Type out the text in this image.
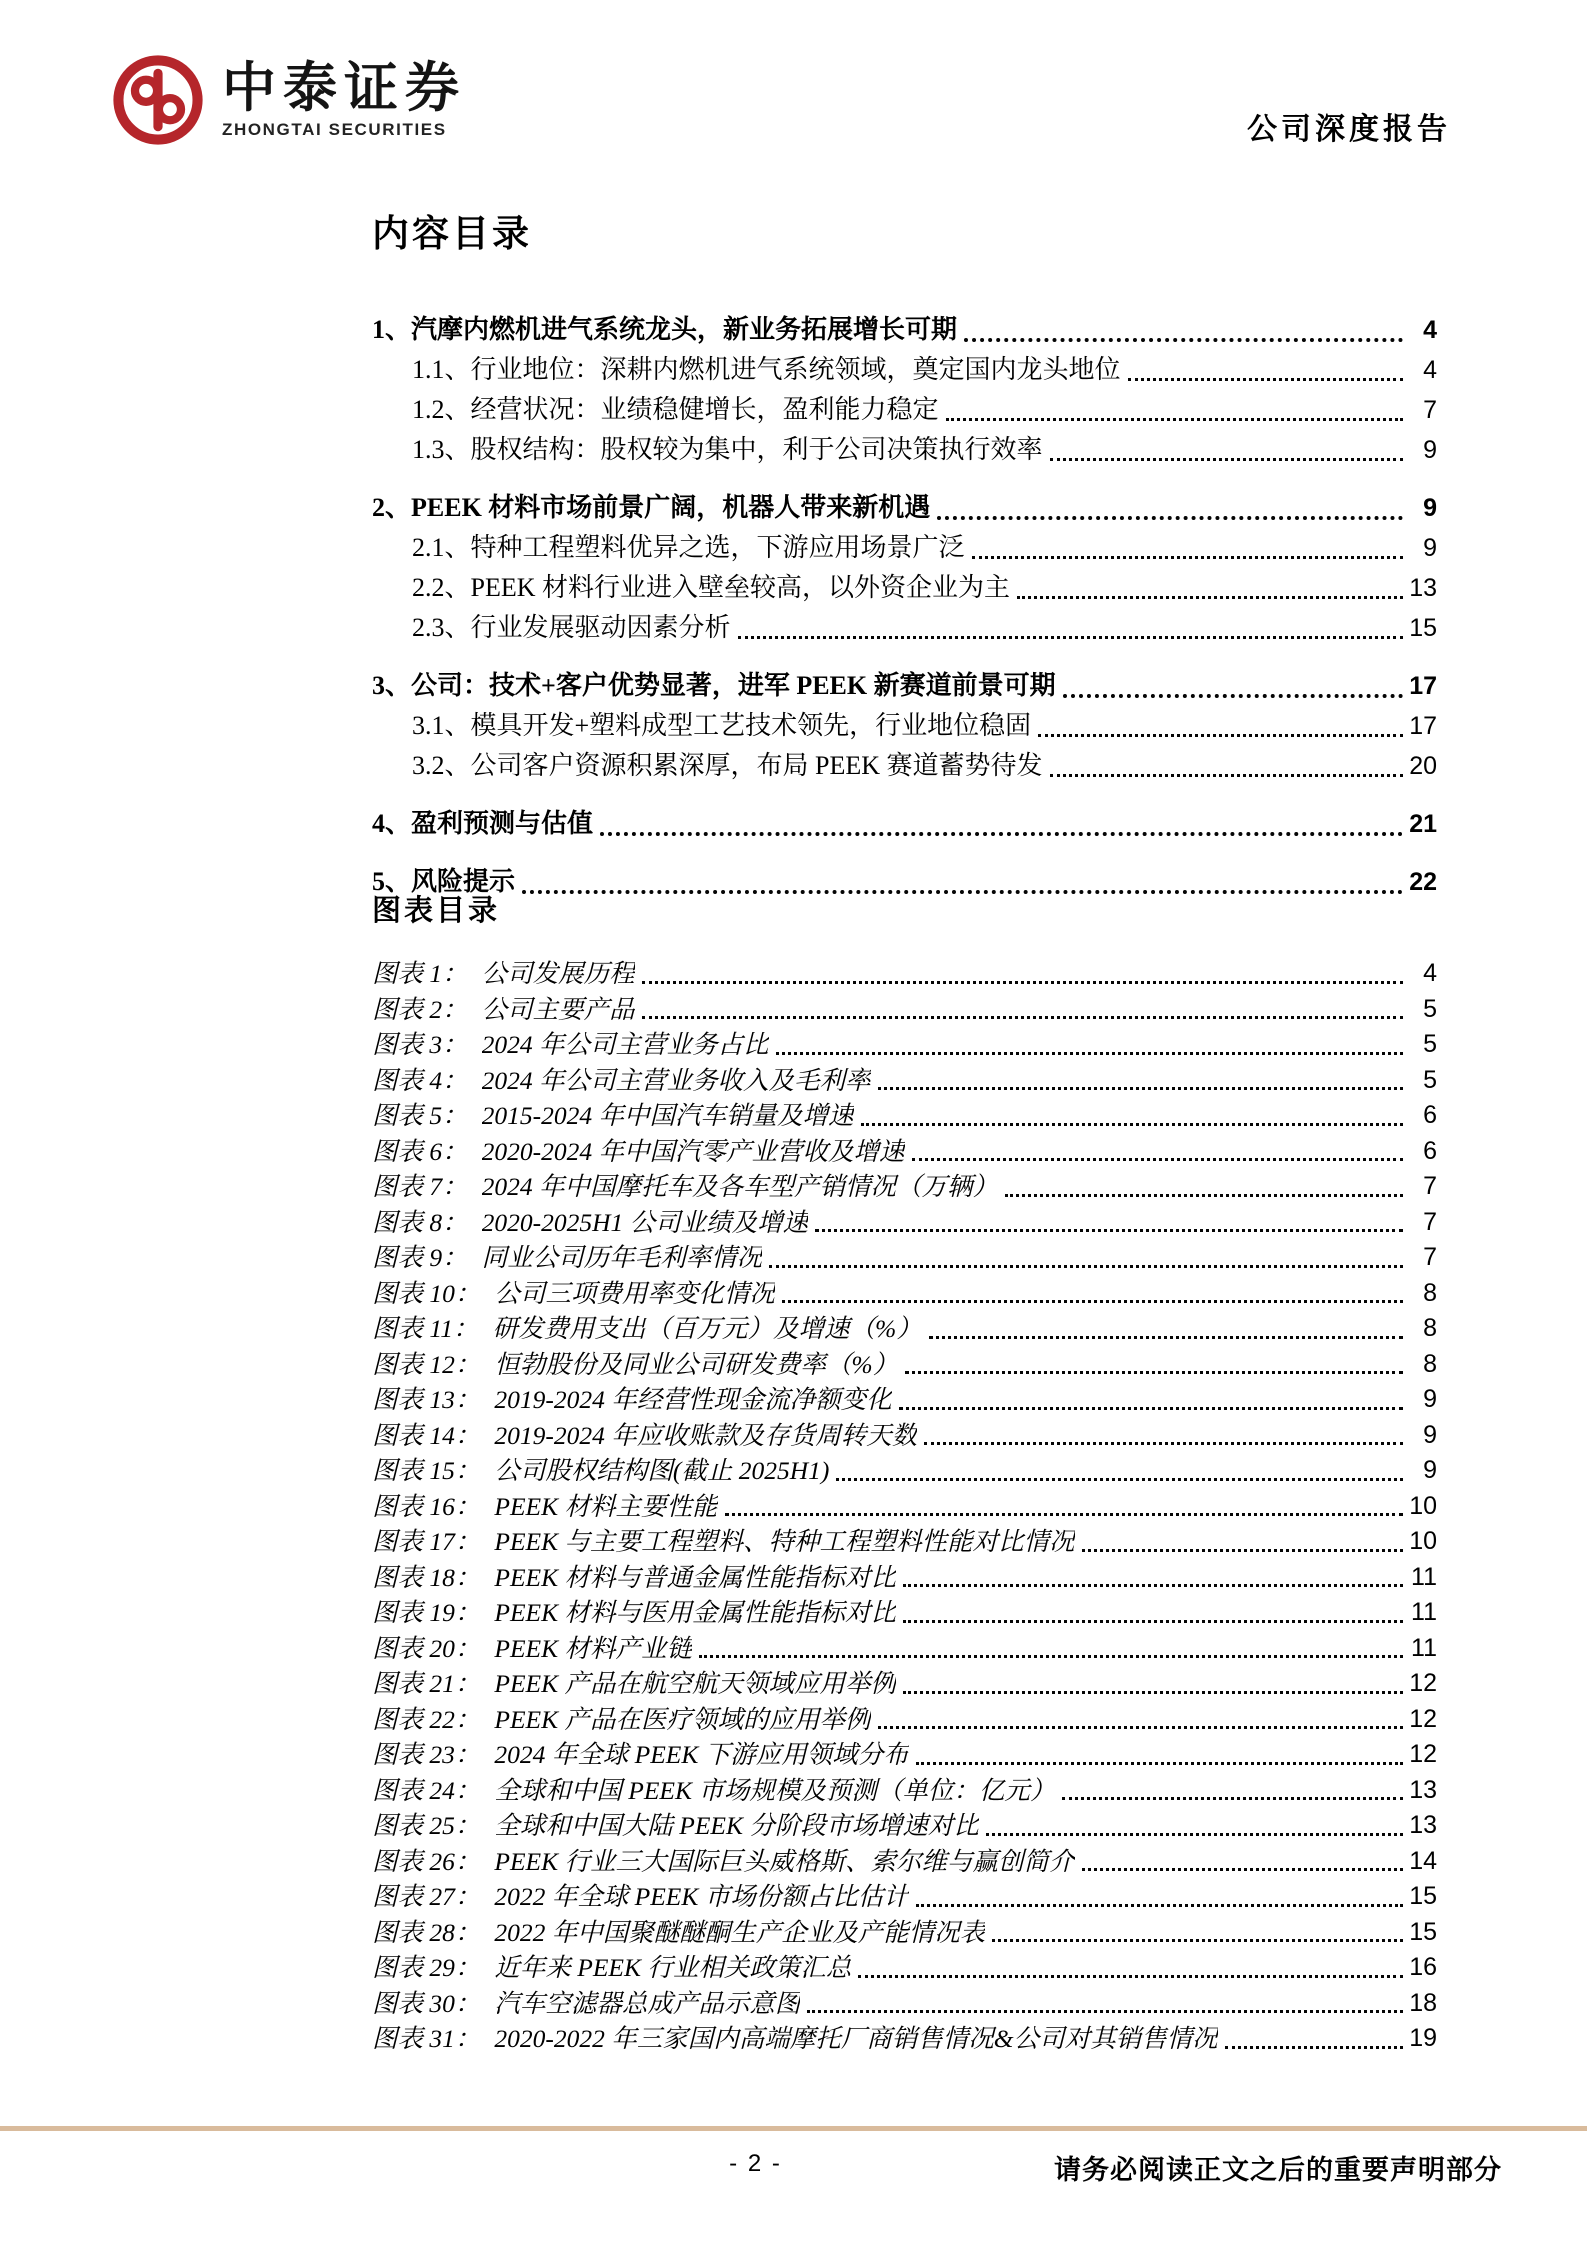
中泰证券
ZHONGTAI SECURITIES	公司深度报告
内容目录
1、汽摩内燃机进气系统龙头，新业务拓展增长可期	4
1.1、行业地位：深耕内燃机进气系统领域，奠定国内龙头地位	4
1.2、经营状况：业绩稳健增长，盈利能力稳定	7
1.3、股权结构：股权较为集中，利于公司决策执行效率	9
2、PEEK 材料市场前景广阔，机器人带来新机遇	9
2.1、特种工程塑料优异之选，下游应用场景广泛	9
2.2、PEEK 材料行业进入壁垒较高，以外资企业为主	13
2.3、行业发展驱动因素分析	15
3、公司：技术+客户优势显著，进军 PEEK 新赛道前景可期	17
3.1、模具开发+塑料成型工艺技术领先，行业地位稳固	17
3.2、公司客户资源积累深厚，布局 PEEK 赛道蓄势待发	20
4、盈利预测与估值	21
5、风险提示	22
图表目录
图表 1： 公司发展历程	4
图表 2： 公司主要产品	5
图表 3： 2024 年公司主营业务占比	5
图表 4： 2024 年公司主营业务收入及毛利率	5
图表 5： 2015-2024 年中国汽车销量及增速	6
图表 6： 2020-2024 年中国汽零产业营收及增速	6
图表 7： 2024 年中国摩托车及各车型产销情况（万辆）	7
图表 8： 2020-2025H1 公司业绩及增速	7
图表 9： 同业公司历年毛利率情况	7
图表 10： 公司三项费用率变化情况	8
图表 11： 研发费用支出（百万元）及增速（%）	8
图表 12： 恒勃股份及同业公司研发费率（%）	8
图表 13： 2019-2024 年经营性现金流净额变化	9
图表 14： 2019-2024 年应收账款及存货周转天数	9
图表 15： 公司股权结构图(截止 2025H1)	9
图表 16： PEEK 材料主要性能	10
图表 17： PEEK 与主要工程塑料、特种工程塑料性能对比情况	10
图表 18： PEEK 材料与普通金属性能指标对比	11
图表 19： PEEK 材料与医用金属性能指标对比	11
图表 20： PEEK 材料产业链	11
图表 21： PEEK 产品在航空航天领域应用举例	12
图表 22： PEEK 产品在医疗领域的应用举例	12
图表 23： 2024 年全球 PEEK 下游应用领域分布	12
图表 24： 全球和中国 PEEK 市场规模及预测（单位：亿元）	13
图表 25： 全球和中国大陆 PEEK 分阶段市场增速对比	13
图表 26： PEEK 行业三大国际巨头威格斯、索尔维与赢创简介	14
图表 27： 2022 年全球 PEEK 市场份额占比估计	15
图表 28： 2022 年中国聚醚醚酮生产企业及产能情况表	15
图表 29： 近年来 PEEK 行业相关政策汇总	16
图表 30： 汽车空滤器总成产品示意图	18
图表 31： 2020-2022 年三家国内高端摩托厂商销售情况&公司对其销售情况	19
- 2 -	请务必阅读正文之后的重要声明部分
